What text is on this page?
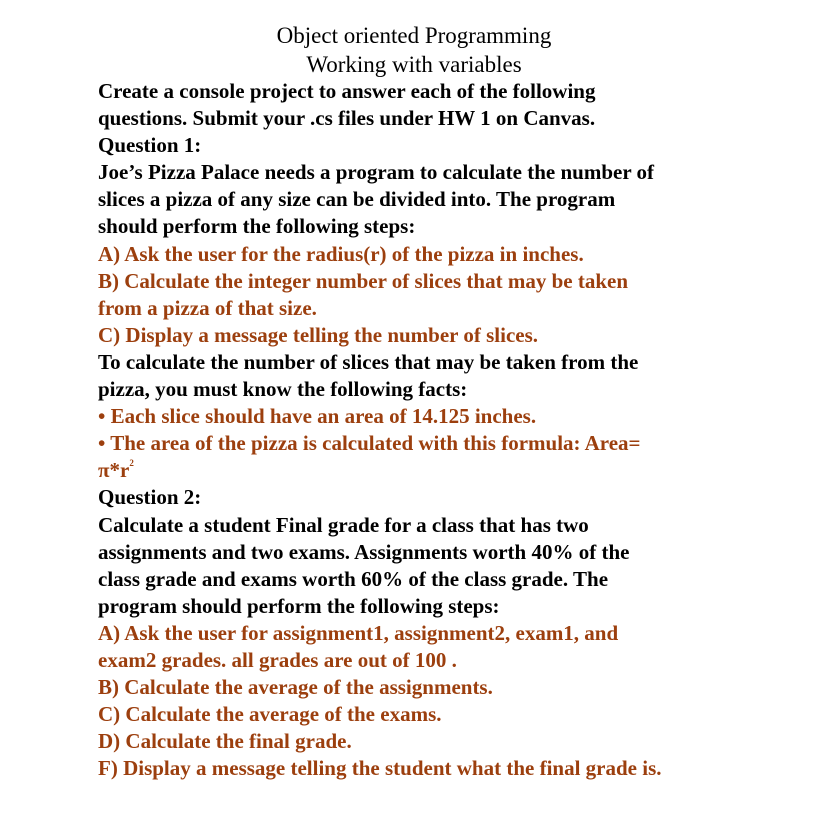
Object oriented Programming
Working with variables
Create a console project to answer each of the following
questions. Submit your .cs files under HW 1 on Canvas.
Question 1:
Joe’s Pizza Palace needs a program to calculate the number of
slices a pizza of any size can be divided into. The program
should perform the following steps:
A) Ask the user for the radius(r) of the pizza in inches.
B) Calculate the integer number of slices that may be taken
from a pizza of that size.
C) Display a message telling the number of slices.
To calculate the number of slices that may be taken from the
pizza, you must know the following facts:
• Each slice should have an area of 14.125 inches.
• The area of the pizza is calculated with this formula: Area=
$\pi*r^2$
Question 2:
Calculate a student Final grade for a class that has two
assignments and two exams. Assignments worth 40% of the
class grade and exams worth 60% of the class grade. The
program should perform the following steps:
A) Ask the user for assignment1, assignment2, exam1, and
exam2 grades. all grades are out of 100 .
B) Calculate the average of the assignments.
C) Calculate the average of the exams.
D) Calculate the final grade.
F) Display a message telling the student what the final grade is.
